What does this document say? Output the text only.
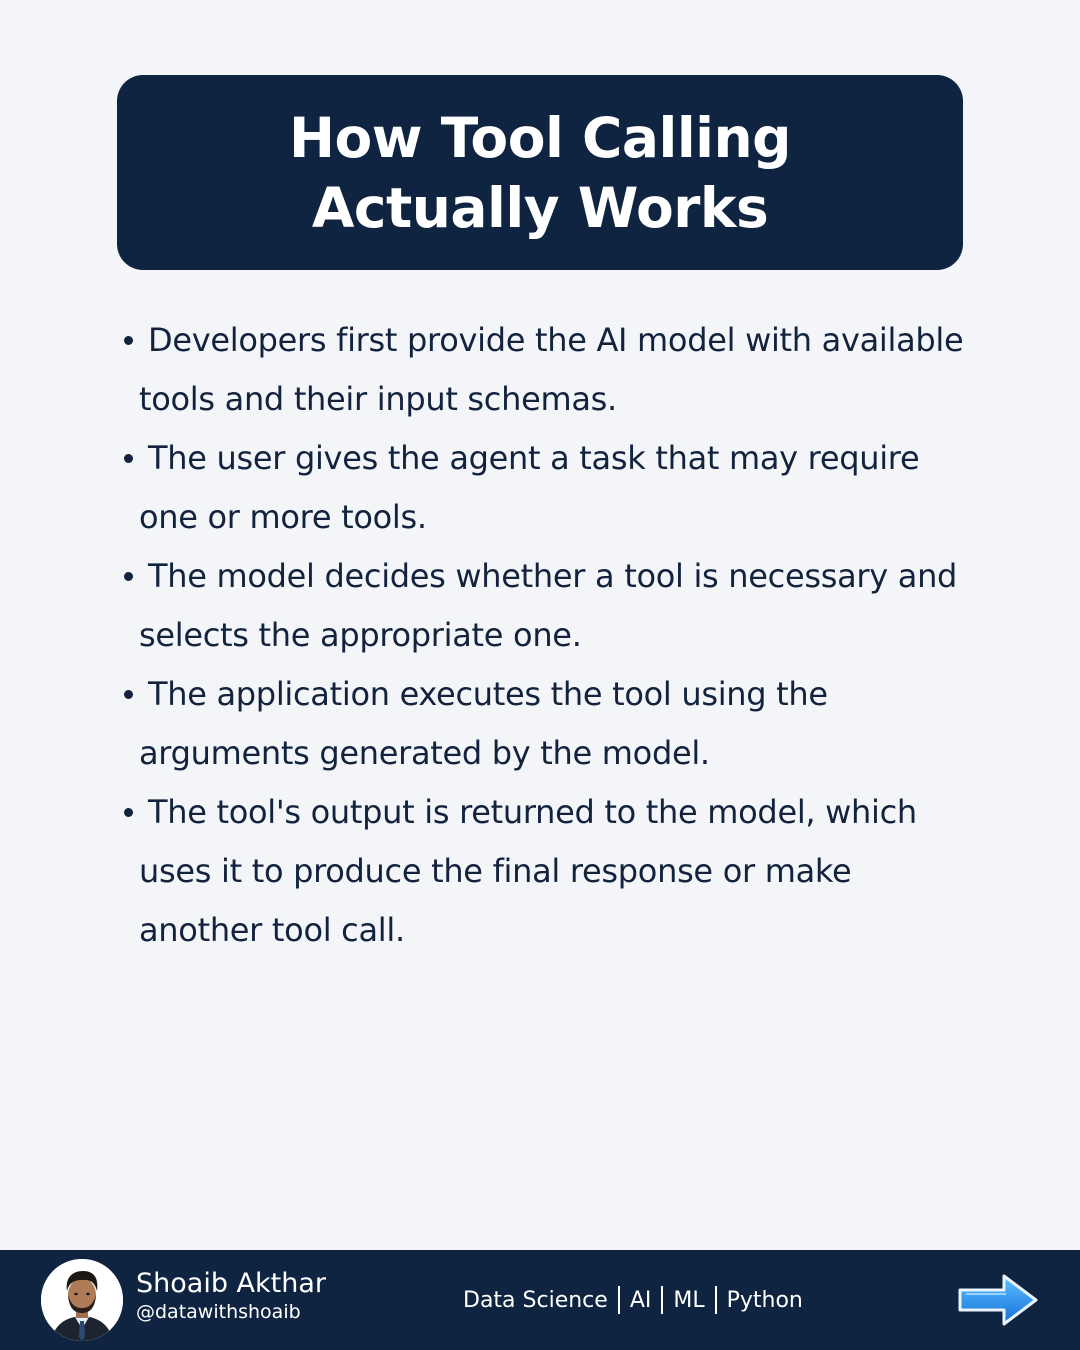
How Tool Calling Actually Works
Developers first provide the AI model with available tools and their input schemas.
The user gives the agent a task that may require one or more tools.
The model decides whether a tool is necessary and selects the appropriate one.
The application executes the tool using the arguments generated by the model.
The tool's output is returned to the model, which uses it to produce the final response or make another tool call.
Shoaib Akthar
@datawithshoaib	Data Science AI ML Python
